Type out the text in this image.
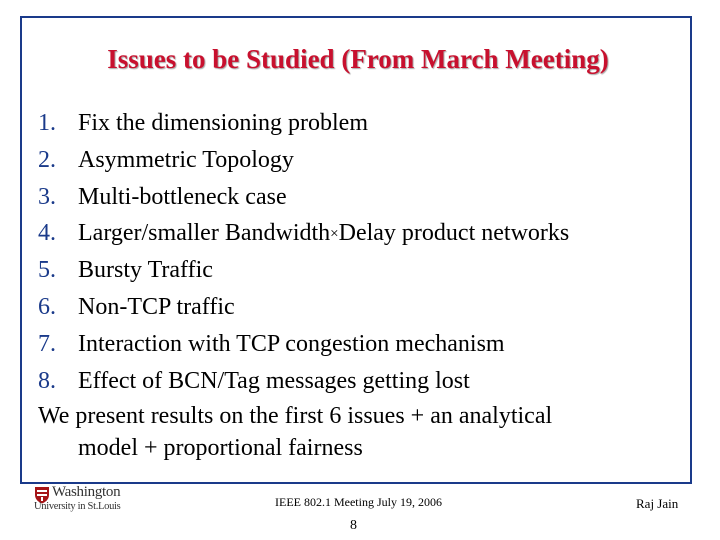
Issues to be Studied (From March Meeting)
1. Fix the dimensioning problem
2. Asymmetric Topology
3. Multi-bottleneck case
4. Larger/smaller Bandwidth×Delay product networks
5. Bursty Traffic
6. Non-TCP traffic
7. Interaction with TCP congestion mechanism
8. Effect of BCN/Tag messages getting lost
We present results on the first 6 issues + an analytical
model + proportional fairness
Washington
University in St.Louis	IEEE 802.1 Meeting July 19, 2006	Raj Jain
8
